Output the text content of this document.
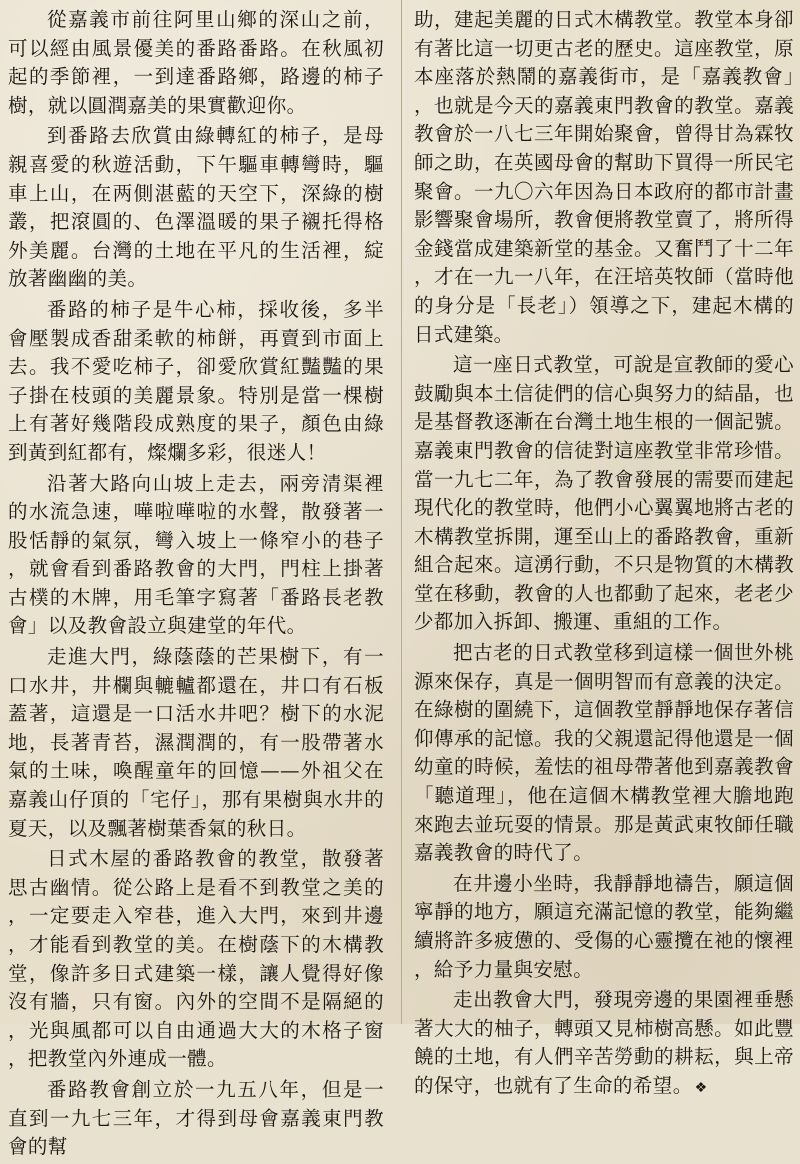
從嘉義市前往阿里山鄉的深山之前，可以經由風景優美的番路番路。在秋風初起的季節裡，一到達番路鄉，路邊的柿子樹，就以圓潤嘉美的果實歡迎你。

到番路去欣賞由綠轉紅的柿子，是母親喜愛的秋遊活動，下午驅車轉彎時，驅車上山，在两側湛藍的天空下，深綠的樹叢，把滾圓的、色澤溫暖的果子襯托得格外美麗。台灣的土地在平凡的生活裡，綻放著幽幽的美。

番路的柿子是牛心柿，採收後，多半會壓製成香甜柔軟的柿餅，再賣到市面上去。我不愛吃柿子，卻愛欣賞紅豔豔的果子掛在枝頭的美麗景象。特別是當一棵樹上有著好幾階段成熟度的果子，顏色由綠到黃到紅都有，燦爛多彩，很迷人！

沿著大路向山坡上走去，兩旁清渠裡的水流急速，嘩啦嘩啦的水聲，散發著一股恬靜的氣氛，彎入坡上一條窄小的巷子，就會看到番路教會的大門，門柱上掛著古樸的木牌，用毛筆字寫著「番路長老教會」以及教會設立與建堂的年代。

走進大門，綠蔭蔭的芒果樹下，有一口水井，井欄與轆轤都還在，井口有石板蓋著，這還是一口活水井吧？樹下的水泥地，長著青苔，濕潤潤的，有一股帶著水氣的土味，喚醒童年的回憶——外祖父在嘉義山仔頂的「宅仔」，那有果樹與水井的夏天，以及飄著樹葉香氣的秋日。

日式木屋的番路教會的教堂，散發著思古幽情。從公路上是看不到教堂之美的，一定要走入窄巷，進入大門，來到井邊，才能看到教堂的美。在樹蔭下的木構教堂，像許多日式建築一樣，讓人覺得好像沒有牆，只有窗。內外的空間不是隔絕的，光與風都可以自由通過大大的木格子窗，把教堂內外連成一體。

番路教會創立於一九五八年，但是一直到一九七三年，才得到母會嘉義東門教會的幫

助，建起美麗的日式木構教堂。教堂本身卻有著比這一切更古老的歷史。這座教堂，原本座落於熱鬧的嘉義街市，是「嘉義教會」，也就是今天的嘉義東門教會的教堂。嘉義教會於一八七三年開始聚會，曾得甘為霖牧師之助，在英國母會的幫助下買得一所民宅聚會。一九〇六年因為日本政府的都市計畫影響聚會場所，教會便將教堂賣了，將所得金錢當成建築新堂的基金。又奮鬥了十二年，才在一九一八年，在汪培英牧師（當時他的身分是「長老」）領導之下，建起木構的日式建築。

這一座日式教堂，可說是宣教師的愛心鼓勵與本土信徒們的信心與努力的結晶，也是基督教逐漸在台灣土地生根的一個記號。嘉義東門教會的信徒對這座教堂非常珍惜。當一九七二年，為了教會發展的需要而建起現代化的教堂時，他們小心翼翼地將古老的木構教堂拆開，運至山上的番路教會，重新組合起來。這湧行動，不只是物質的木構教堂在移動，教會的人也都動了起來，老老少少都加入拆卸、搬運、重組的工作。

把古老的日式教堂移到這樣一個世外桃源來保存，真是一個明智而有意義的決定。在綠樹的圍繞下，這個教堂靜靜地保存著信仰傳承的記憶。我的父親還記得他還是一個幼童的時候，羞怯的祖母帶著他到嘉義教會「聽道理」，他在這個木構教堂裡大膽地跑來跑去並玩耍的情景。那是黃武東牧師任職嘉義教會的時代了。

在井邊小坐時，我靜靜地禱告，願這個寧靜的地方，願這充滿記憶的教堂，能夠繼續將許多疲憊的、受傷的心靈攬在祂的懷裡，給予力量與安慰。

走出教會大門，發現旁邊的果園裡垂懸著大大的柚子，轉頭又見柿樹高懸。如此豐饒的土地，有人們辛苦勞動的耕耘，與上帝的保守，也就有了生命的希望。 ❖
